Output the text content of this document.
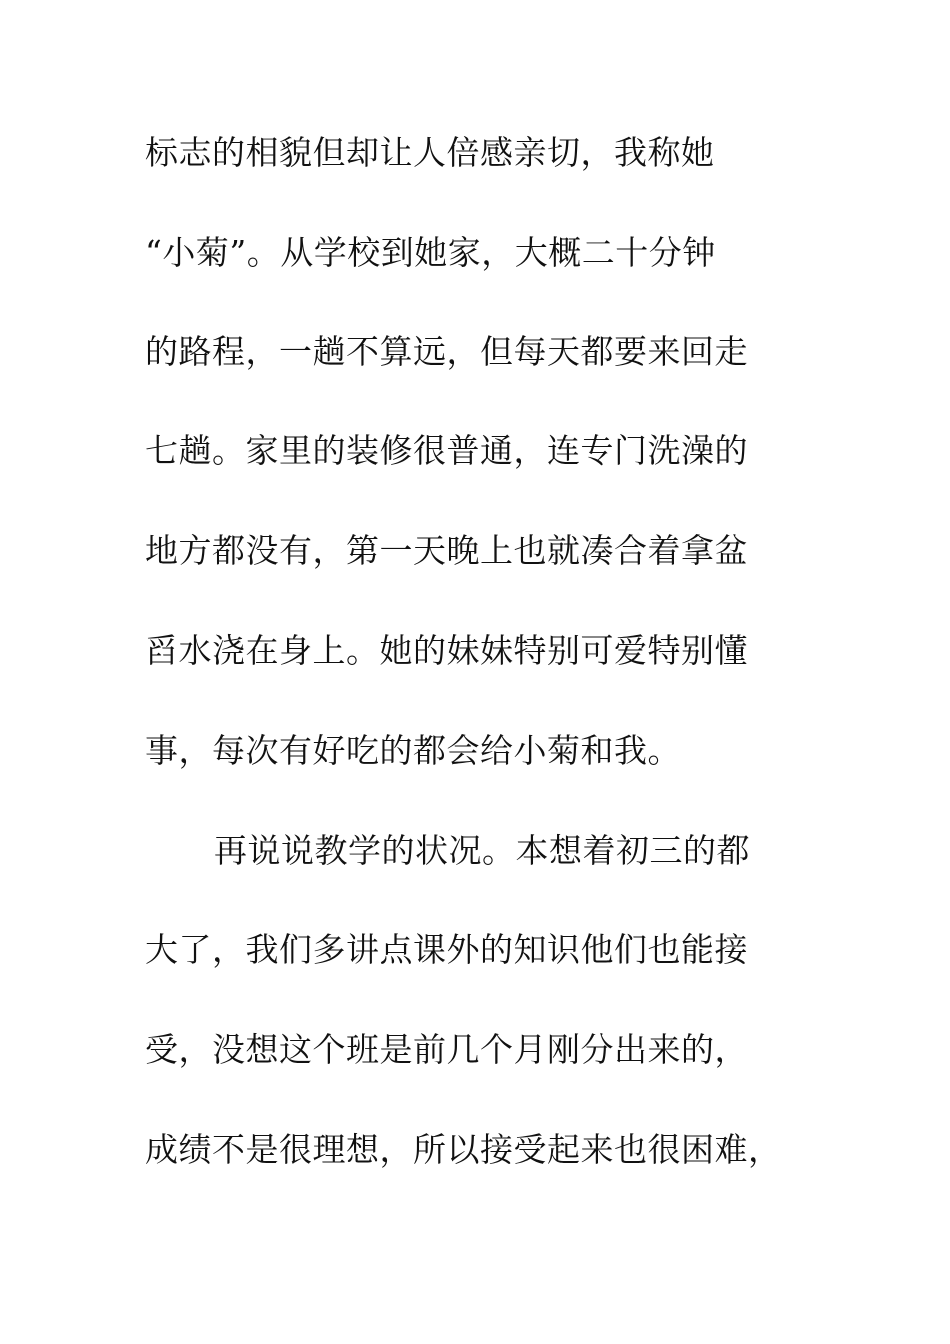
标志的相貌但却让人倍感亲切，我称她
“小菊”。从学校到她家，大概二十分钟
的路程，一趟不算远，但每天都要来回走
七趟。家里的装修很普通，连专门洗澡的
地方都没有，第一天晚上也就凑合着拿盆
舀水浇在身上。她的妹妹特别可爱特别懂
事，每次有好吃的都会给小菊和我。
再说说教学的状况。本想着初三的都
大了，我们多讲点课外的知识他们也能接
受，没想这个班是前几个月刚分出来的，
成绩不是很理想，所以接受起来也很困难，
